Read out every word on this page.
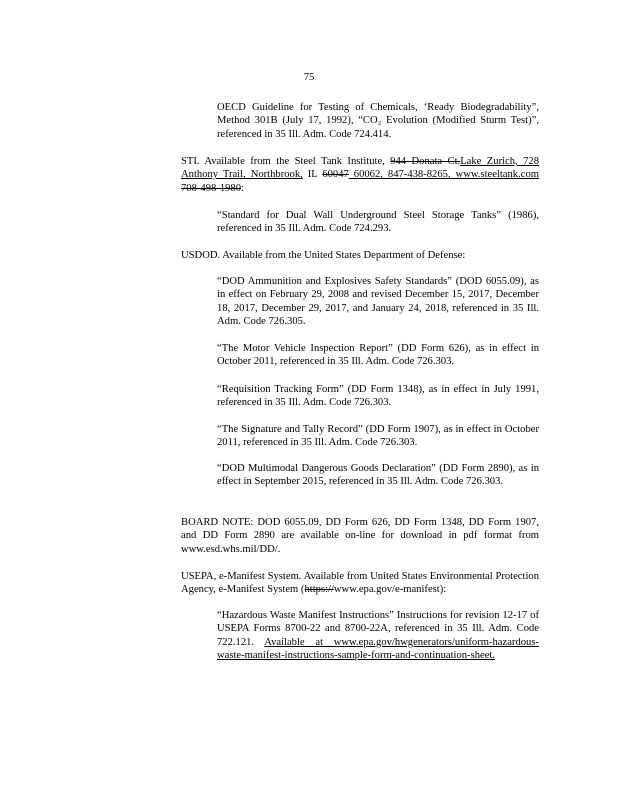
75
OECD Guideline for Testing of Chemicals, ‘Ready Biodegradability”, Method 301B (July 17, 1992), “CO₂ Evolution (Modified Sturm Test)”, referenced in 35 Ill. Adm. Code 724.414.
STI. Available from the Steel Tank Institute, 944 Donata Ct.Lake Zurich, 728 Anthony Trail, Northbrook, IL 60047 60062, 847-438-8265, www.steeltank.com 708-498-1980:
“Standard for Dual Wall Underground Steel Storage Tanks” (1986), referenced in 35 Ill. Adm. Code 724.293.
USDOD. Available from the United States Department of Defense:
“DOD Ammunition and Explosives Safety Standards” (DOD 6055.09), as in effect on February 29, 2008 and revised December 15, 2017, December 18, 2017, December 29, 2017, and January 24, 2018, referenced in 35 Ill. Adm. Code 726.305.
“The Motor Vehicle Inspection Report” (DD Form 626), as in effect in October 2011, referenced in 35 Ill. Adm. Code 726.303.
“Requisition Tracking Form” (DD Form 1348), as in effect in July 1991, referenced in 35 Ill. Adm. Code 726.303.
“The Signature and Tally Record” (DD Form 1907), as in effect in October 2011, referenced in 35 Ill. Adm. Code 726.303.
“DOD Multimodal Dangerous Goods Declaration” (DD Form 2890), as in effect in September 2015, referenced in 35 Ill. Adm. Code 726.303.
BOARD NOTE: DOD 6055.09, DD Form 626, DD Form 1348, DD Form 1907, and DD Form 2890 are available on-line for download in pdf format from www.esd.whs.mil/DD/.
USEPA, e-Manifest System. Available from United States Environmental Protection Agency, e-Manifest System (https://www.epa.gov/e-manifest):
“Hazardous Waste Manifest Instructions” Instructions for revision 12-17 of USEPA Forms 8700-22 and 8700-22A, referenced in 35 Ill. Adm. Code 722.121. Available at www.epa.gov/hwgenerators/uniform-hazardous-waste-manifest-instructions-sample-form-and-continuation-sheet.
